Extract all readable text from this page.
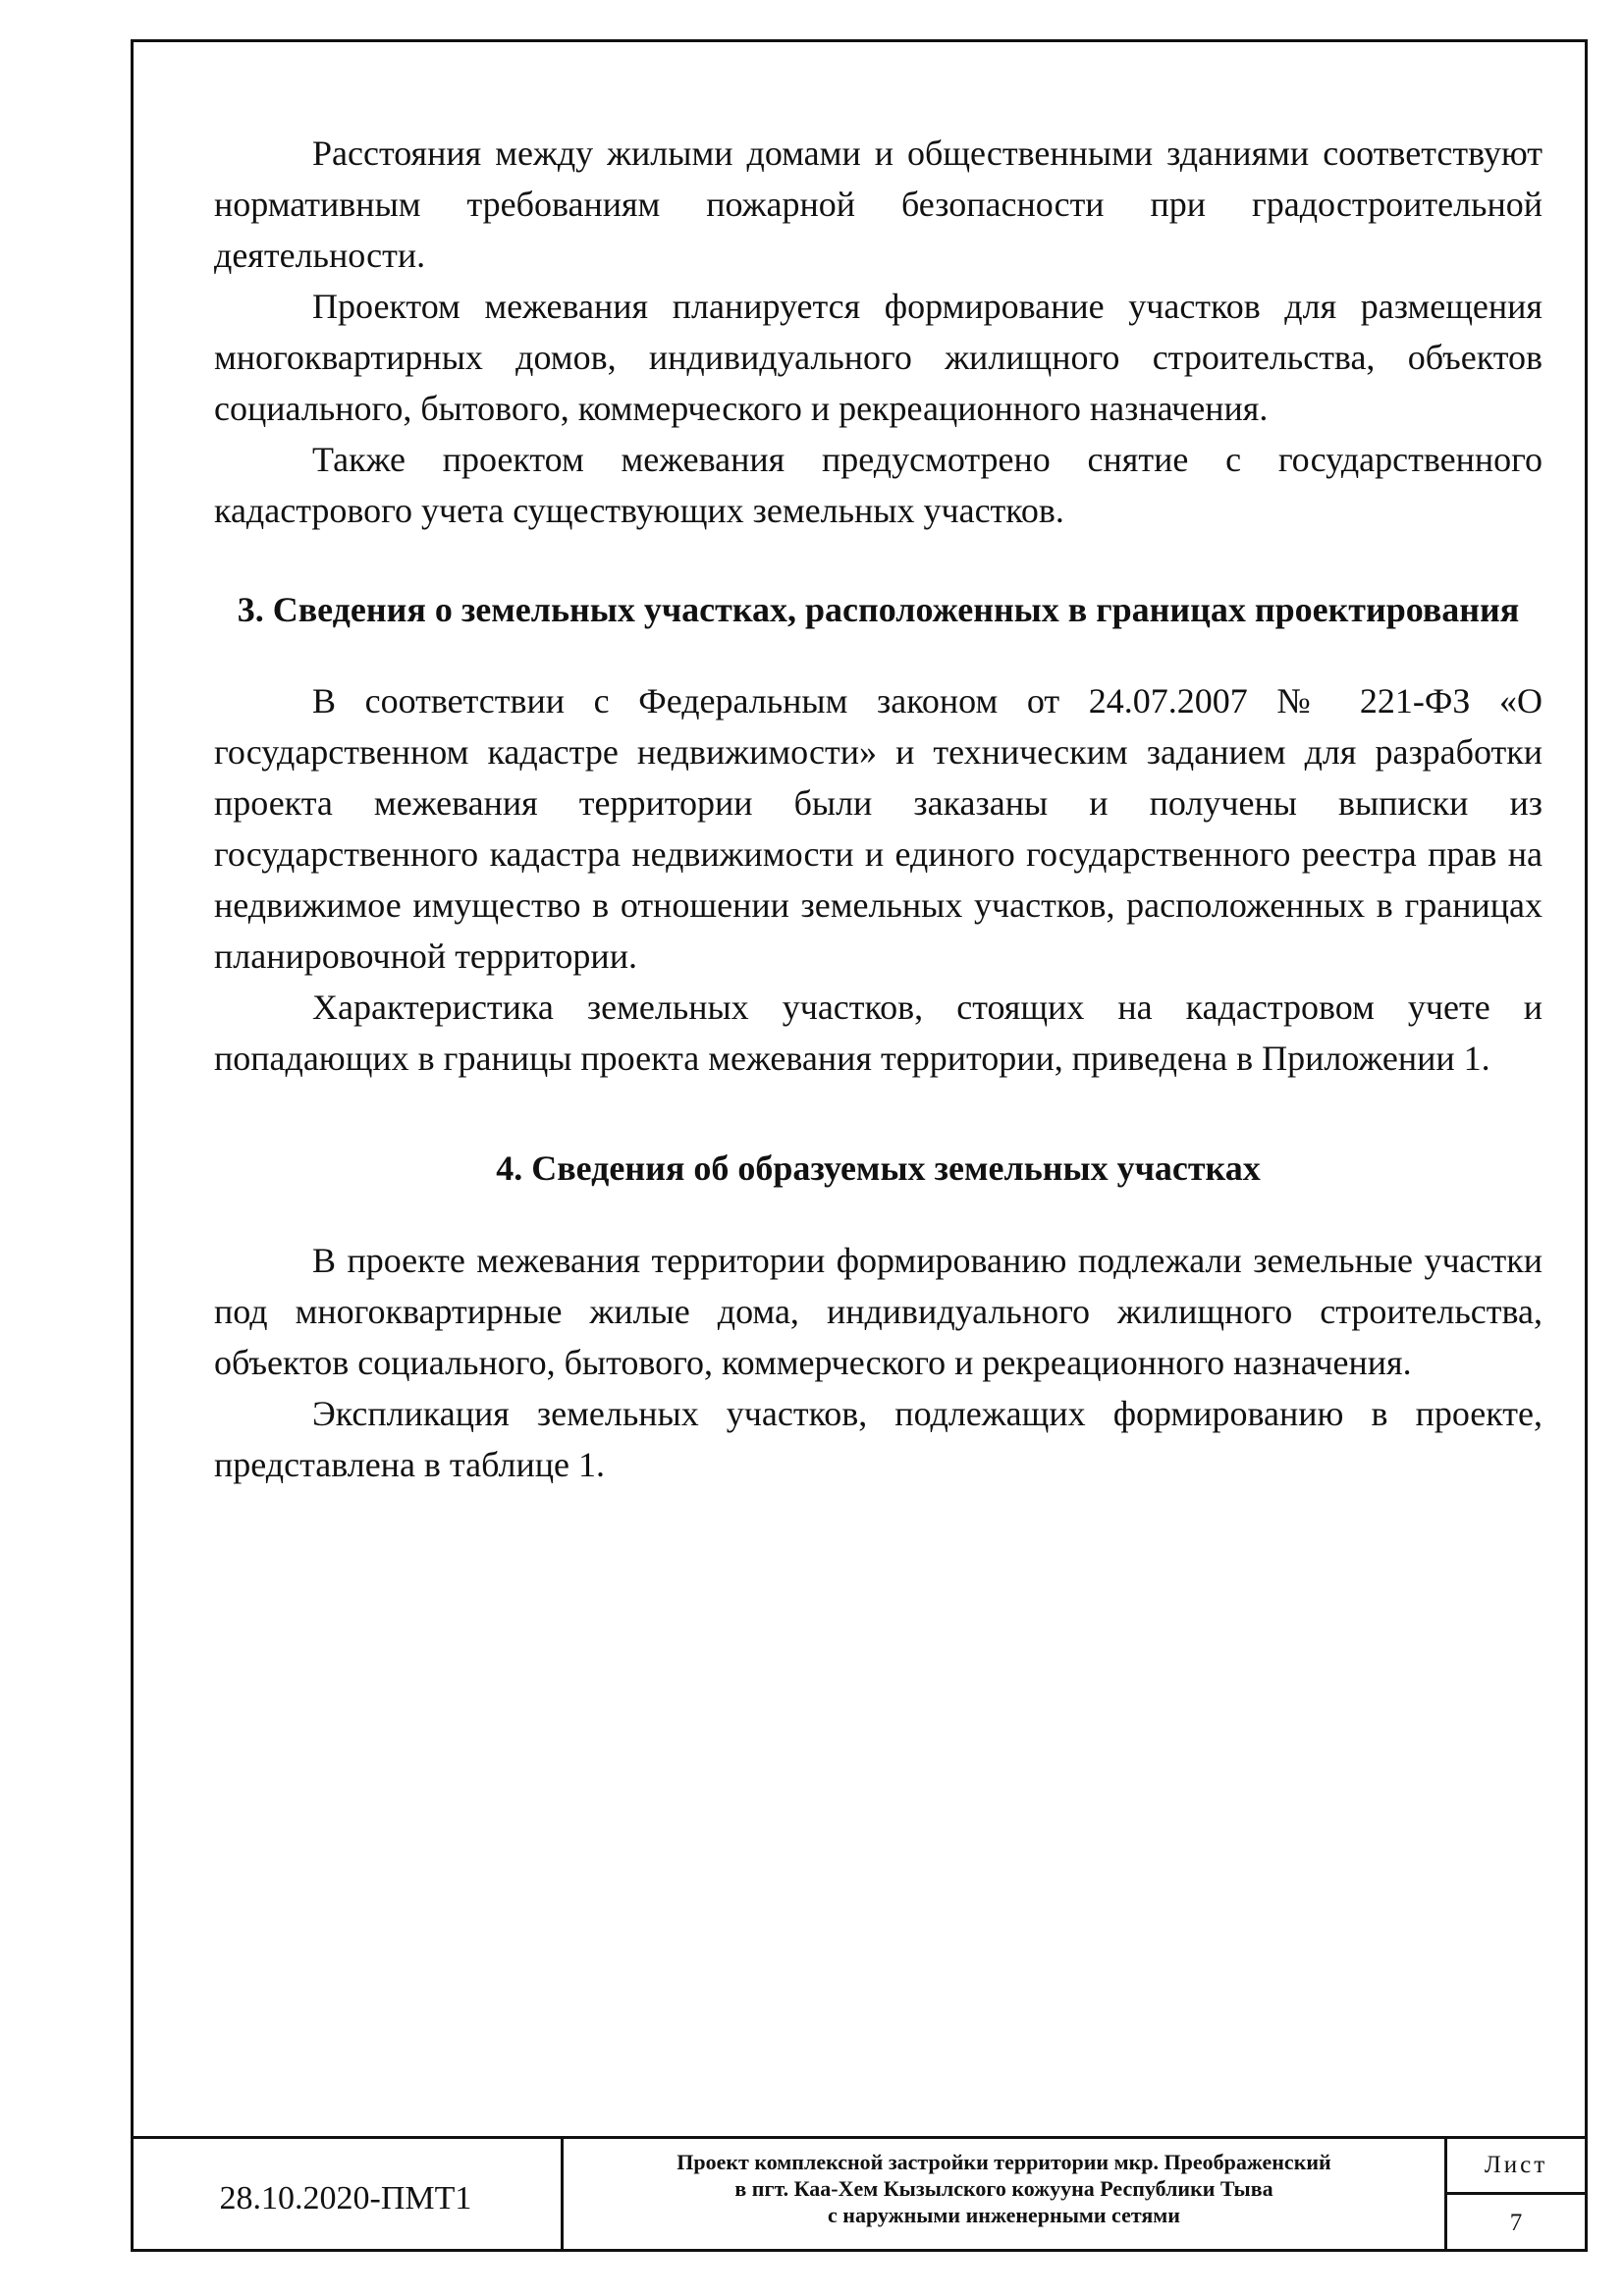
Расстояния между жилыми домами и общественными зданиями соответствуют нормативным требованиям пожарной безопасности при градостроительной деятельности.

Проектом межевания планируется формирование участков для размещения многоквартирных домов, индивидуального жилищного строительства, объектов социального, бытового, коммерческого и рекреационного назначения.

Также проектом межевания предусмотрено снятие с государственного кадастрового учета существующих земельных участков.

3. Сведения о земельных участках, расположенных в границах проектирования

В соответствии с Федеральным законом от 24.07.2007 № 221-ФЗ «О государственном кадастре недвижимости» и техническим заданием для разработки проекта межевания территории были заказаны и получены выписки из государственного кадастра недвижимости и единого государственного реестра прав на недвижимое имущество в отношении земельных участков, расположенных в границах планировочной территории.

Характеристика земельных участков, стоящих на кадастровом учете и попадающих в границы проекта межевания территории, приведена в Приложении 1.

4. Сведения об образуемых земельных участках

В проекте межевания территории формированию подлежали земельные участки под многоквартирные жилые дома, индивидуального жилищного строительства, объектов социального, бытового, коммерческого и рекреационного назначения.

Экспликация земельных участков, подлежащих формированию в проекте, представлена в таблице 1.

28.10.2020-ПМТ1
Проект комплексной застройки территории мкр. Преображенский
в пгт. Каа-Хем Кызылского кожууна Республики Тыва
с наружными инженерными сетями
Лист
7
